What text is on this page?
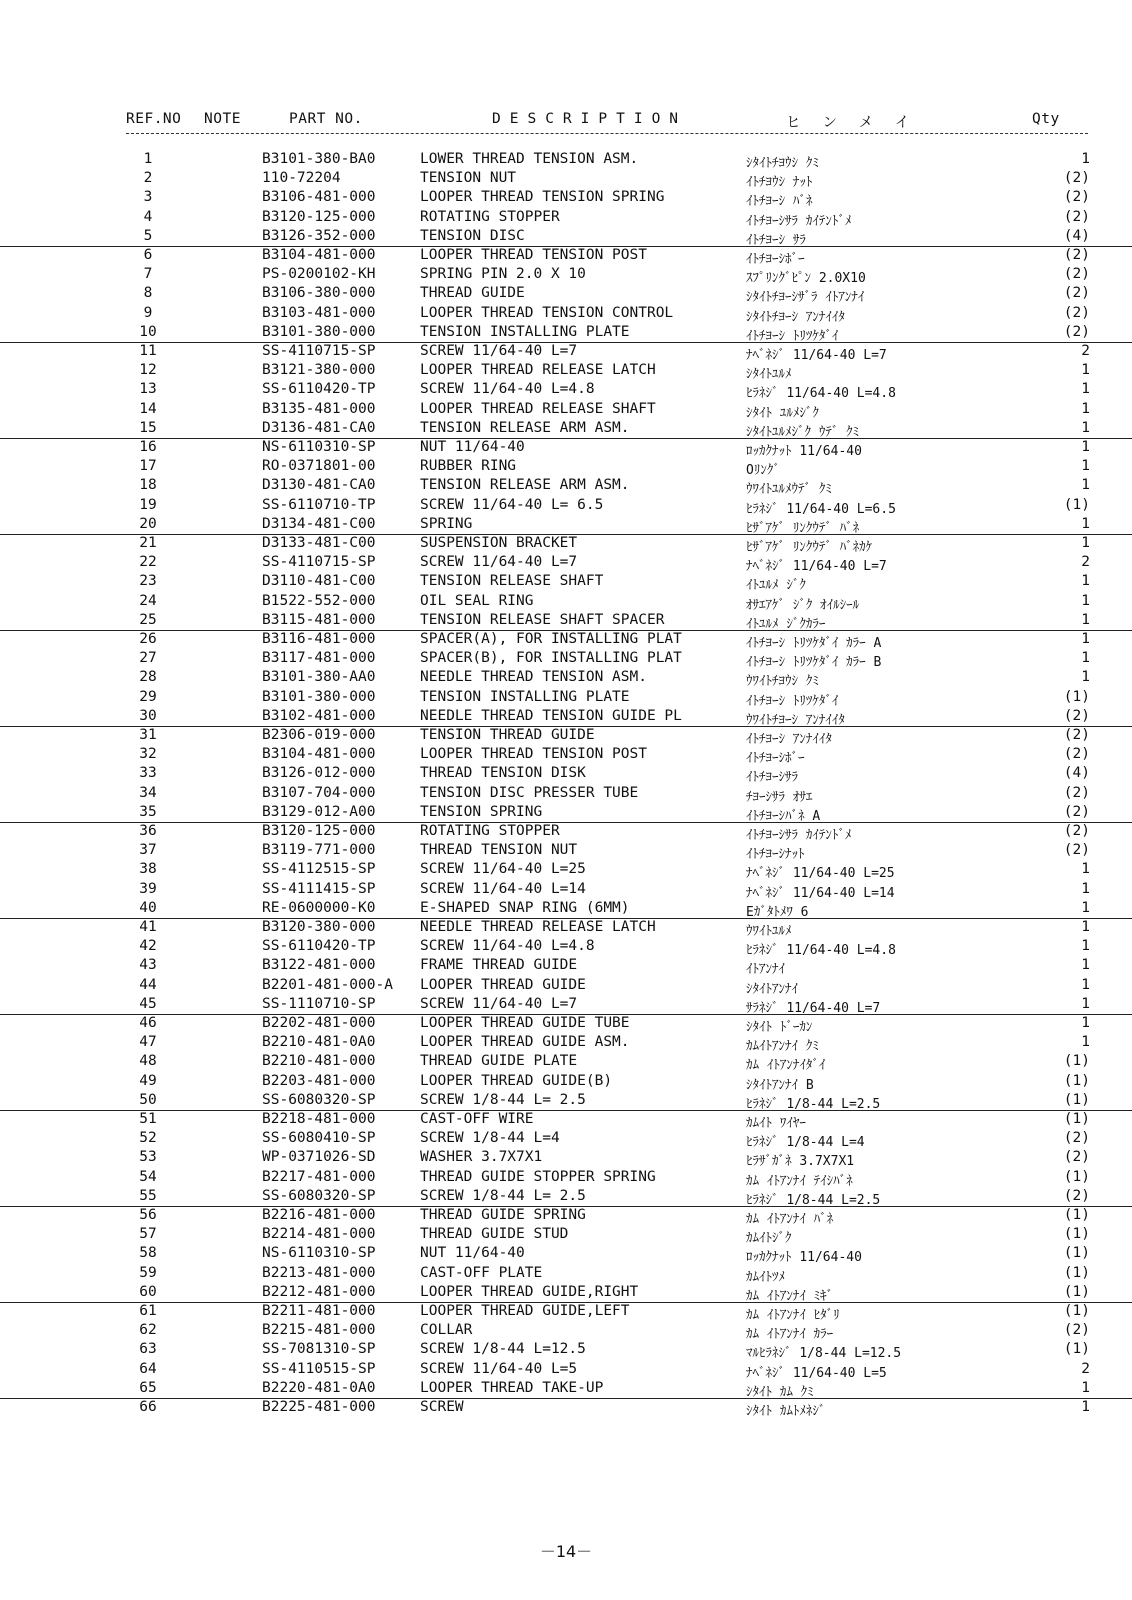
REF.NO NOTE	PART NO.	DESCRIPTION	ヒンメイ	Qty
1	B3101-380-BA0	LOWER THREAD TENSION ASM.	ｼﾀｲﾄﾁﾖｳｼ ｸﾐ	1
2	110-72204	TENSION NUT	ｲﾄﾁﾖｳｼ ﾅｯﾄ	(2)
3	B3106-481-000	LOOPER THREAD TENSION SPRING	ｲﾄﾁﾖｰｼ ﾊﾞﾈ	(2)
4	B3120-125-000	ROTATING STOPPER	ｲﾄﾁﾖｰｼｻﾗ ｶｲﾃﾝﾄﾞﾒ	(2)
5	B3126-352-000	TENSION DISC	ｲﾄﾁﾖｰｼ ｻﾗ	(4)
6	B3104-481-000	LOOPER THREAD TENSION POST	ｲﾄﾁﾖｰｼﾎﾞｰ	(2)
7	PS-0200102-KH	SPRING PIN 2.0 X 10	ｽﾌﾟﾘﾝｸﾞﾋﾟﾝ 2.0X10	(2)
8	B3106-380-000	THREAD GUIDE	ｼﾀｲﾄﾁﾖｰｼｻﾞﾗ ｲﾄｱﾝﾅｲ	(2)
9	B3103-481-000	LOOPER THREAD TENSION CONTROL	ｼﾀｲﾄﾁﾖｰｼ ｱﾝﾅｲｲﾀ	(2)
10	B3101-380-000	TENSION INSTALLING PLATE	ｲﾄﾁﾖｰｼ ﾄﾘﾂｹﾀﾞｲ	(2)
11	SS-4110715-SP	SCREW 11/64-40 L=7	ﾅﾍﾞﾈｼﾞ 11/64-40 L=7	2
12	B3121-380-000	LOOPER THREAD RELEASE LATCH	ｼﾀｲﾄﾕﾙﾒ	1
13	SS-6110420-TP	SCREW 11/64-40 L=4.8	ﾋﾗﾈｼﾞ 11/64-40 L=4.8	1
14	B3135-481-000	LOOPER THREAD RELEASE SHAFT	ｼﾀｲﾄ ﾕﾙﾒｼﾞｸ	1
15	D3136-481-CA0	TENSION RELEASE ARM ASM.	ｼﾀｲﾄﾕﾙﾒｼﾞｸ ｳﾃﾞ ｸﾐ	1
16	NS-6110310-SP	NUT 11/64-40	ﾛｯｶｸﾅｯﾄ 11/64-40	1
17	RO-0371801-00	RUBBER RING	Oﾘﾝｸﾞ	1
18	D3130-481-CA0	TENSION RELEASE ARM ASM.	ｳﾜｲﾄﾕﾙﾒｳﾃﾞ ｸﾐ	1
19	SS-6110710-TP	SCREW 11/64-40 L= 6.5	ﾋﾗﾈｼﾞ 11/64-40 L=6.5	(1)
20	D3134-481-C00	SPRING	ﾋｻﾞｱｹﾞ ﾘﾝｸｳﾃﾞ ﾊﾞﾈ	1
21	D3133-481-C00	SUSPENSION BRACKET	ﾋｻﾞｱｹﾞ ﾘﾝｸｳﾃﾞ ﾊﾞﾈｶｹ	1
22	SS-4110715-SP	SCREW 11/64-40 L=7	ﾅﾍﾞﾈｼﾞ 11/64-40 L=7	2
23	D3110-481-C00	TENSION RELEASE SHAFT	ｲﾄﾕﾙﾒ ｼﾞｸ	1
24	B1522-552-000	OIL SEAL RING	ｵｻｴｱｹﾞ ｼﾞｸ ｵｲﾙｼｰﾙ	1
25	B3115-481-000	TENSION RELEASE SHAFT SPACER	ｲﾄﾕﾙﾒ ｼﾞｸｶﾗｰ	1
26	B3116-481-000	SPACER(A), FOR INSTALLING PLAT	ｲﾄﾁﾖｰｼ ﾄﾘﾂｹﾀﾞｲ ｶﾗｰ A	1
27	B3117-481-000	SPACER(B), FOR INSTALLING PLAT	ｲﾄﾁﾖｰｼ ﾄﾘﾂｹﾀﾞｲ ｶﾗｰ B	1
28	B3101-380-AA0	NEEDLE THREAD TENSION ASM.	ｳﾜｲﾄﾁﾖｳｼ ｸﾐ	1
29	B3101-380-000	TENSION INSTALLING PLATE	ｲﾄﾁﾖｰｼ ﾄﾘﾂｹﾀﾞｲ	(1)
30	B3102-481-000	NEEDLE THREAD TENSION GUIDE PL	ｳﾜｲﾄﾁﾖｰｼ ｱﾝﾅｲｲﾀ	(2)
31	B2306-019-000	TENSION THREAD GUIDE	ｲﾄﾁﾖｰｼ ｱﾝﾅｲｲﾀ	(2)
32	B3104-481-000	LOOPER THREAD TENSION POST	ｲﾄﾁﾖｰｼﾎﾞｰ	(2)
33	B3126-012-000	THREAD TENSION DISK	ｲﾄﾁﾖｰｼｻﾗ	(4)
34	B3107-704-000	TENSION DISC PRESSER TUBE	ﾁﾖｰｼｻﾗ ｵｻｴ	(2)
35	B3129-012-A00	TENSION SPRING	ｲﾄﾁﾖｰｼﾊﾞﾈ A	(2)
36	B3120-125-000	ROTATING STOPPER	ｲﾄﾁﾖｰｼｻﾗ ｶｲﾃﾝﾄﾞﾒ	(2)
37	B3119-771-000	THREAD TENSION NUT	ｲﾄﾁﾖｰｼﾅｯﾄ	(2)
38	SS-4112515-SP	SCREW 11/64-40 L=25	ﾅﾍﾞﾈｼﾞ 11/64-40 L=25	1
39	SS-4111415-SP	SCREW 11/64-40 L=14	ﾅﾍﾞﾈｼﾞ 11/64-40 L=14	1
40	RE-0600000-K0	E-SHAPED SNAP RING (6MM)	Eｶﾞﾀﾄﾒﾜ 6	1
41	B3120-380-000	NEEDLE THREAD RELEASE LATCH	ｳﾜｲﾄﾕﾙﾒ	1
42	SS-6110420-TP	SCREW 11/64-40 L=4.8	ﾋﾗﾈｼﾞ 11/64-40 L=4.8	1
43	B3122-481-000	FRAME THREAD GUIDE	ｲﾄｱﾝﾅｲ	1
44	B2201-481-000-A	LOOPER THREAD GUIDE	ｼﾀｲﾄｱﾝﾅｲ	1
45	SS-1110710-SP	SCREW 11/64-40 L=7	ｻﾗﾈｼﾞ 11/64-40 L=7	1
46	B2202-481-000	LOOPER THREAD GUIDE TUBE	ｼﾀｲﾄ ﾄﾞｰｶﾝ	1
47	B2210-481-0A0	LOOPER THREAD GUIDE ASM.	ｶﾑｲﾄｱﾝﾅｲ ｸﾐ	1
48	B2210-481-000	THREAD GUIDE PLATE	ｶﾑ ｲﾄｱﾝﾅｲﾀﾞｲ	(1)
49	B2203-481-000	LOOPER THREAD GUIDE(B)	ｼﾀｲﾄｱﾝﾅｲ B	(1)
50	SS-6080320-SP	SCREW 1/8-44 L= 2.5	ﾋﾗﾈｼﾞ 1/8-44 L=2.5	(1)
51	B2218-481-000	CAST-OFF WIRE	ｶﾑｲﾄ ﾜｲﾔｰ	(1)
52	SS-6080410-SP	SCREW 1/8-44 L=4	ﾋﾗﾈｼﾞ 1/8-44 L=4	(2)
53	WP-0371026-SD	WASHER 3.7X7X1	ﾋﾗｻﾞｶﾞﾈ 3.7X7X1	(2)
54	B2217-481-000	THREAD GUIDE STOPPER SPRING	ｶﾑ ｲﾄｱﾝﾅｲ ﾃｲｼﾊﾞﾈ	(1)
55	SS-6080320-SP	SCREW 1/8-44 L= 2.5	ﾋﾗﾈｼﾞ 1/8-44 L=2.5	(2)
56	B2216-481-000	THREAD GUIDE SPRING	ｶﾑ ｲﾄｱﾝﾅｲ ﾊﾞﾈ	(1)
57	B2214-481-000	THREAD GUIDE STUD	ｶﾑｲﾄｼﾞｸ	(1)
58	NS-6110310-SP	NUT 11/64-40	ﾛｯｶｸﾅｯﾄ 11/64-40	(1)
59	B2213-481-000	CAST-OFF PLATE	ｶﾑｲﾄﾂﾒ	(1)
60	B2212-481-000	LOOPER THREAD GUIDE,RIGHT	ｶﾑ ｲﾄｱﾝﾅｲ ﾐｷﾞ	(1)
61	B2211-481-000	LOOPER THREAD GUIDE,LEFT	ｶﾑ ｲﾄｱﾝﾅｲ ﾋﾀﾞﾘ	(1)
62	B2215-481-000	COLLAR	ｶﾑ ｲﾄｱﾝﾅｲ ｶﾗｰ	(2)
63	SS-7081310-SP	SCREW 1/8-44 L=12.5	ﾏﾙﾋﾗﾈｼﾞ 1/8-44 L=12.5	(1)
64	SS-4110515-SP	SCREW 11/64-40 L=5	ﾅﾍﾞﾈｼﾞ 11/64-40 L=5	2
65	B2220-481-0A0	LOOPER THREAD TAKE-UP	ｼﾀｲﾄ ｶﾑ ｸﾐ	1
66	B2225-481-000	SCREW	ｼﾀｲﾄ ｶﾑﾄﾒﾈｼﾞ	1
－14－
